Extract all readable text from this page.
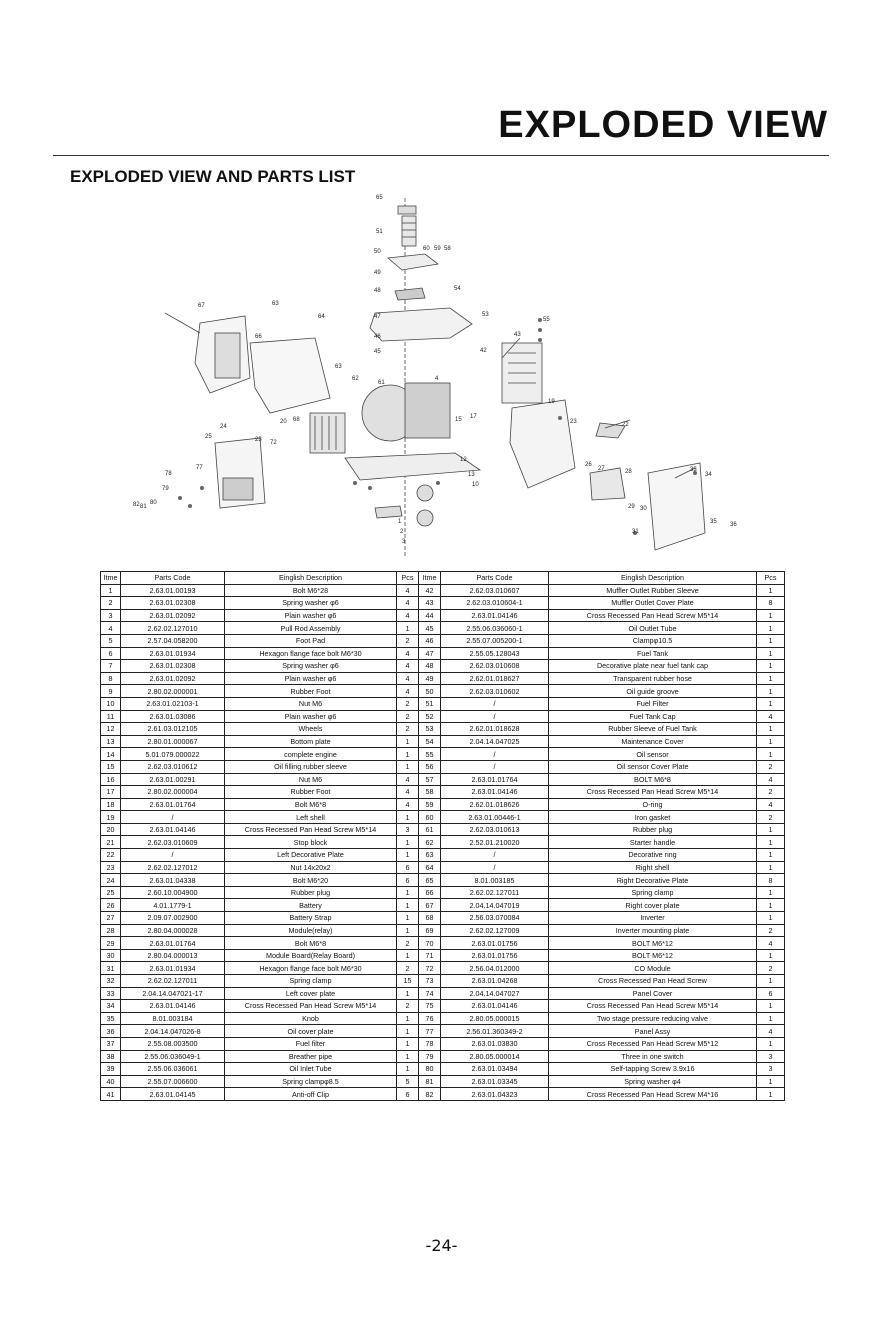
EXPLODED VIEW
EXPLODED VIEW AND PARTS LIST
65
51
50	60 59 58
49
48	54
47	53
55
67	63
64
66	46
45
43
42
63
62
61
4
15 17
19
23	22
20 68
24
25	23 72
12
13
10
26
27	28	33
34
77
78
79
80
81
82	29 30
31
35 36
1
2
3
Itme	Parts Code	Einglish Description	Pcs	Itme	Parts Code	Einglish Description	Pcs
1	2.63.01.00193	Bolt M6*28	4	42	2.62.03.010607	Muffler Outlet Rubber Sleeve	1
2	2.63.01.02308	Spring washer φ6	4	43	2.62.03.010604-1	Muffler Outlet Cover Plate	8
3	2.63.01.02092	Plain washer φ6	4	44	2.63.01.04146	Cross Recessed Pan Head Screw M5*14	1
4	2.62.02.127010	Pull Rod Assembly	1	45	2.55.06.036060-1	Oil Outlet Tube	1
5	2.57.04.058200	Foot Pad	2	46	2.55.07.005200-1	Clampφ10.5	1
6	2.63.01.01934	Hexagon flange face bolt M6*30	4	47	2.55.05.128043	Fuel Tank	1
7	2.63.01.02308	Spring washer φ6	4	48	2.62.03.010608	Decorative plate near fuel tank cap	1
8	2.63.01.02092	Plain washer φ6	4	49	2.62.01.018627	Transparent rubber hose	1
9	2.80.02.000001	Rubber Foot	4	50	2.62.03.010602	Oil guide groove	1
10	2.63.01.02103-1	Nut M6	2	51	/	Fuel Filter	1
11	2.63.01.03086	Plain washer φ6	2	52	/	Fuel Tank Cap	4
12	2.61.03.012105	Wheels	2	53	2.62.01.018628	Rubber Sleeve of Fuel Tank	1
13	2.80.01.000067	Bottom plate	1	54	2.04.14.047025	Maintenance Cover	1
14	5.01.079.000022	complete engine	1	55	/	Oil sensor	1
15	2.62.03.010612	Oil filling rubber sleeve	1	56	/	Oil sensor Cover Plate	2
16	2.63.01.00291	Nut M6	4	57	2.63.01.01764	BOLT M6*8	4
17	2.80.02.000004	Rubber Foot	4	58	2.63.01.04146	Cross Recessed Pan Head Screw M5*14	2
18	2.63.01.01764	Bolt M6*8	4	59	2.62.01.018626	O-ring	4
19	/	Left shell	1	60	2.63.01.00446-1	Iron gasket	2
20	2.63.01.04146	Cross Recessed Pan Head Screw M5*14	3	61	2.62.03.010613	Rubber plug	1
21	2.62.03.010609	Stop block	1	62	2.52.01.210020	Starter handle	1
22	/	Left Decorative Plate	1	63	/	Decorative ring	1
23	2.62.02.127012	Nut 14x20x2	6	64	/	Right shell	1
24	2.63.01.04338	Bolt M6*20	6	65	8.01.003185	Right Decorative Plate	8
25	2.60.10.004900	Rubber plug	1	66	2.62.02.127011	Spring clamp	1
26	4.01.1779-1	Battery	1	67	2.04.14.047019	Right cover plate	1
27	2.09.07.002900	Battery Strap	1	68	2.56.03.070084	Inverter	1
28	2.80.04.000028	Module(relay)	1	69	2.62.02.127009	Inverter mounting plate	2
29	2.63.01.01764	Bolt M6*8	2	70	2.63.01.01756	BOLT M6*12	4
30	2.80.04.000013	Module Board(Relay Board)	1	71	2.63.01.01756	BOLT M6*12	1
31	2.63.01.01934	Hexagon flange face bolt M6*30	2	72	2.56.04.012000	CO Module	2
32	2.62.02.127011	Spring clamp	15	73	2.63.01.04268	Cross Recessed Pan Head Screw	1
33	2.04.14.047021-17	Left cover plate	1	74	2.04.14.047027	Panel Cover	6
34	2.63.01.04146	Cross Recessed Pan Head Screw M5*14	2	75	2.63.01.04146	Cross Recessed Pan Head Screw M5*14	1
35	8.01.003184	Knob	1	76	2.80.05.000015	Two stage pressure reducing valve	1
36	2.04.14.047026-8	Oil cover plate	1	77	2.56.01.360349-2	Panel Assy	4
37	2.55.08.003500	Fuel filter	1	78	2.63.01.03830	Cross Recessed Pan Head Screw M5*12	1
38	2.55.06.036049-1	Breather pipe	1	79	2.80.05.000014	Three in one switch	3
39	2.55.06.036061	Oil Inlet Tube	1	80	2.63.01.03494	Self-tapping Screw 3.9x16	3
40	2.55.07.006600	Spring clampφ8.5	5	81	2.63.01.03345	Spring washer φ4	1
41	2.63.01.04145	Anti-off Clip	6	82	2.63.01.04323	Cross Recessed Pan Head Screw M4*16	1
-24-
